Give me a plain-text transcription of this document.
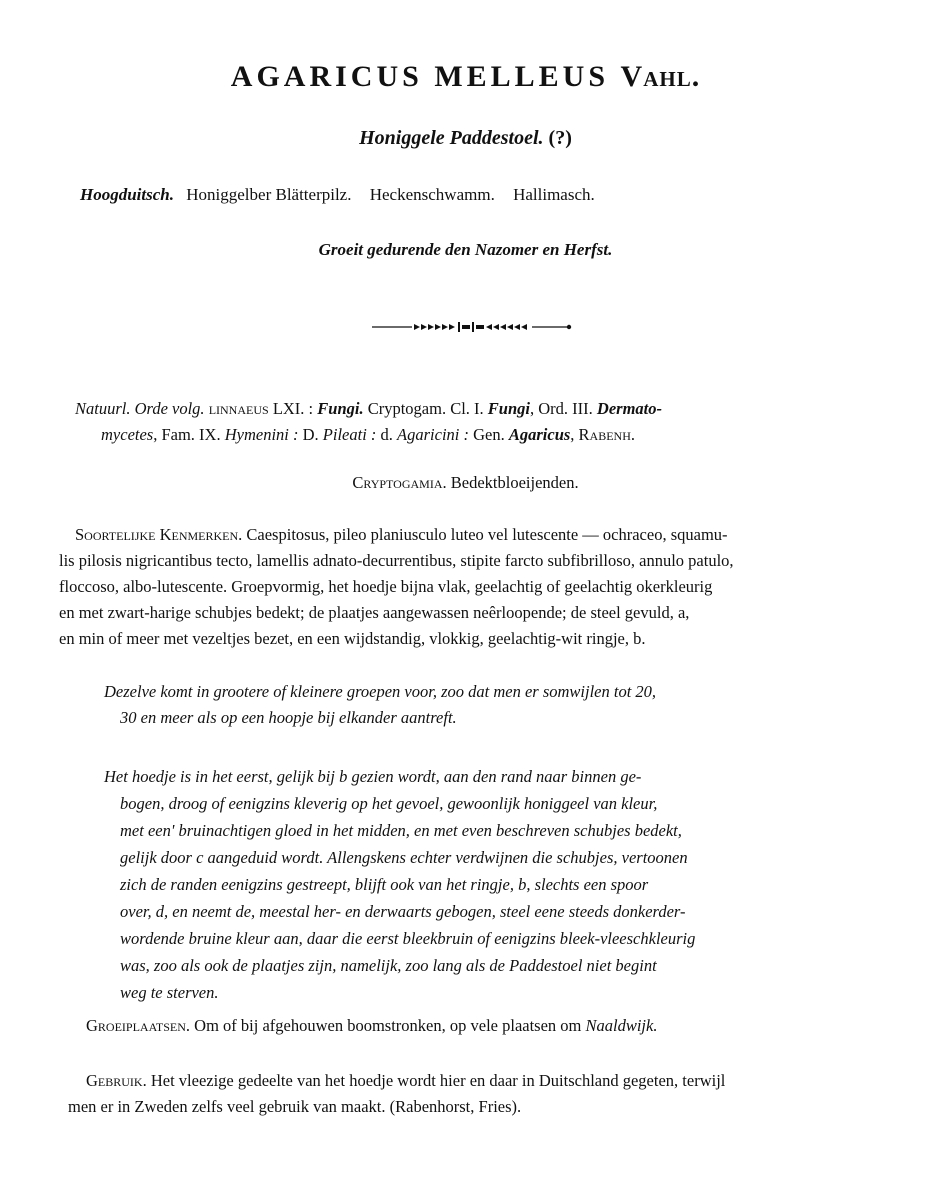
AGARICUS MELLEUS Vahl.
Honiggele Paddestoel. (?)
Hoogduitsch. Honiggelber Blätterpilz. Heckenschwamm. Hallimasch.
Groeit gedurende den Nazomer en Herfst.
Natuurl. Orde volg. linnaeus LXI. : Fungi. Cryptogam. Cl. I. Fungi, Ord. III. Dermato-
mycetes, Fam. IX. Hymenini : D. Pileati : d. Agaricini : Gen. Agaricus, Rabenh.
Cryptogamia. Bedektbloeijenden.
Soortelijke Kenmerken. Caespitosus, pileo planiusculo luteo vel lutescente — ochraceo, squamu-
lis pilosis nigricantibus tecto, lamellis adnato-decurrentibus, stipite farcto subfibrilloso, annulo patulo,
floccoso, albo-lutescente. Groepvormig, het hoedje bijna vlak, geelachtig of geelachtig okerkleurig
en met zwart-harige schubjes bedekt; de plaatjes aangewassen neêrloopende; de steel gevuld, a,
en min of meer met vezeltjes bezet, en een wijdstandig, vlokkig, geelachtig-wit ringje, b.
Dezelve komt in grootere of kleinere groepen voor, zoo dat men er somwijlen tot 20,
30 en meer als op een hoopje bij elkander aantreft.
Het hoedje is in het eerst, gelijk bij b gezien wordt, aan den rand naar binnen ge-
bogen, droog of eenigzins kleverig op het gevoel, gewoonlijk honiggeel van kleur,
met een' bruinachtigen gloed in het midden, en met even beschreven schubjes bedekt,
gelijk door c aangeduid wordt. Allengskens echter verdwijnen die schubjes, vertoonen
zich de randen eenigzins gestreept, blijft ook van het ringje, b, slechts een spoor
over, d, en neemt de, meestal her- en derwaarts gebogen, steel eene steeds donkerder-
wordende bruine kleur aan, daar die eerst bleekbruin of eenigzins bleek-vleeschkleurig
was, zoo als ook de plaatjes zijn, namelijk, zoo lang als de Paddestoel niet begint
weg te sterven.
Groeiplaatsen. Om of bij afgehouwen boomstronken, op vele plaatsen om Naaldwijk.
Gebruik. Het vleezige gedeelte van het hoedje wordt hier en daar in Duitschland gegeten, terwijl
men er in Zweden zelfs veel gebruik van maakt. (Rabenhorst, Fries).
